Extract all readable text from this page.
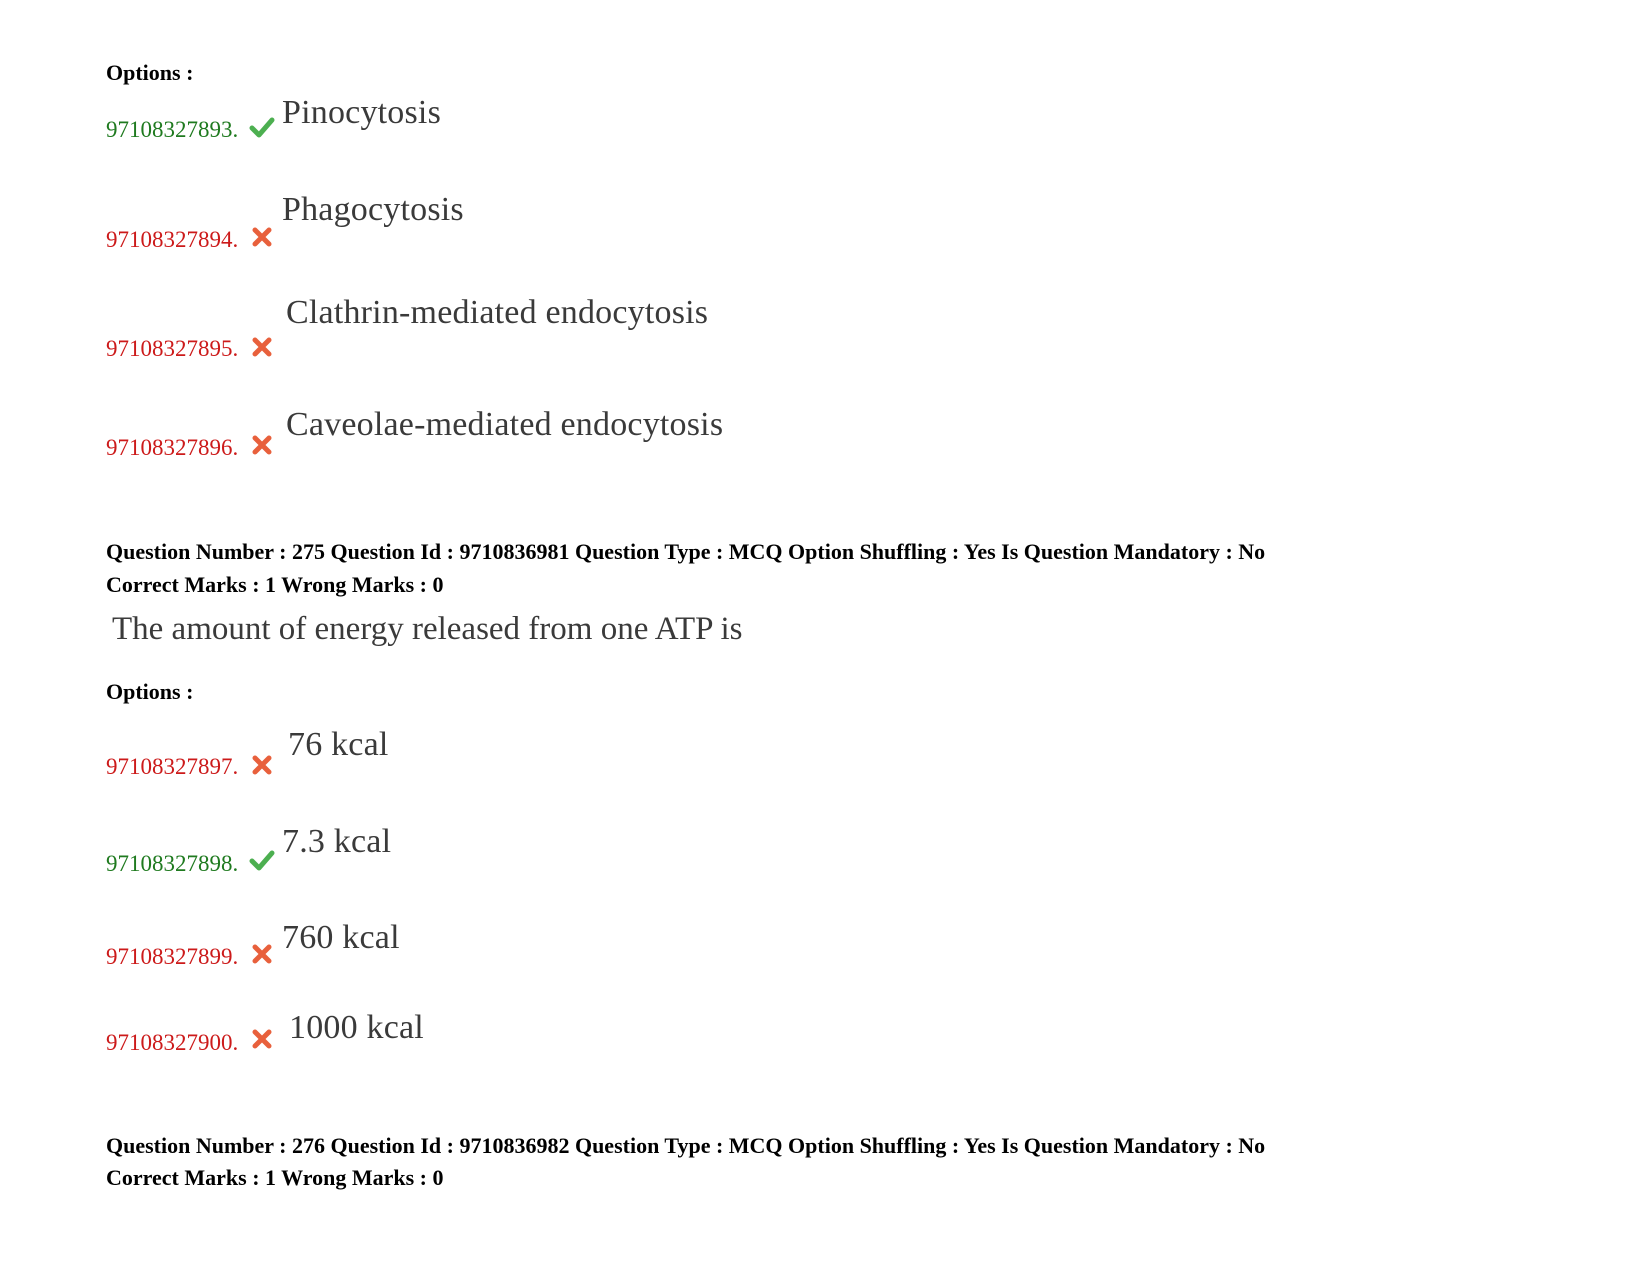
Options :
97108327893. Pinocytosis
97108327894.
Phagocytosis
97108327895.
Clathrin-mediated endocytosis
97108327896.
Caveolae-mediated endocytosis
Question Number : 275 Question Id : 9710836981 Question Type : MCQ Option Shuffling : Yes Is Question Mandatory : No
Correct Marks : 1 Wrong Marks : 0
The amount of energy released from one ATP is
Options :
97108327897.
76 kcal
97108327898.
7.3 kcal
97108327899.
760 kcal
97108327900. 1000 kcal
Question Number : 276 Question Id : 9710836982 Question Type : MCQ Option Shuffling : Yes Is Question Mandatory : No
Correct Marks : 1 Wrong Marks : 0
